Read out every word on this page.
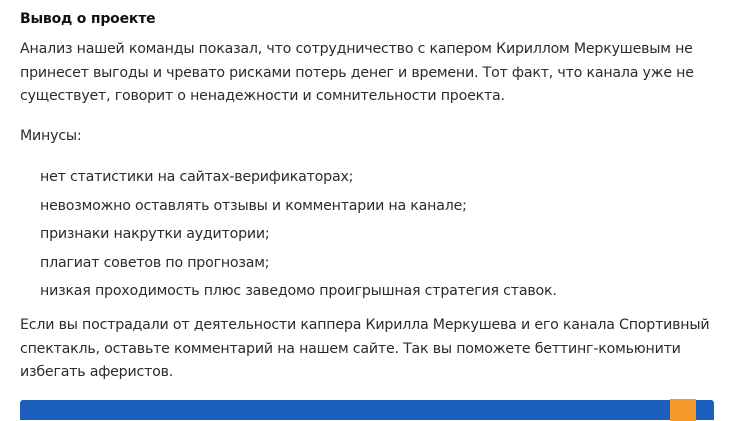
Вывод о проекте

Анализ нашей команды показал, что сотрудничество с капером Кириллом Меркушевым не принесет выгоды и чревато рисками потерь денег и времени. Тот факт, что канала уже не существует, говорит о ненадежности и сомнительности проекта.

Минусы:

нет статистики на сайтах-верификаторах;
невозможно оставлять отзывы и комментарии на канале;
признаки накрутки аудитории;
плагиат советов по прогнозам;
низкая проходимость плюс заведомо проигрышная стратегия ставок.

Если вы пострадали от деятельности каппера Кирилла Меркушева и его канала Спортивный спектакль, оставьте комментарий на нашем сайте. Так вы поможете беттинг-комьюнити избегать аферистов.
